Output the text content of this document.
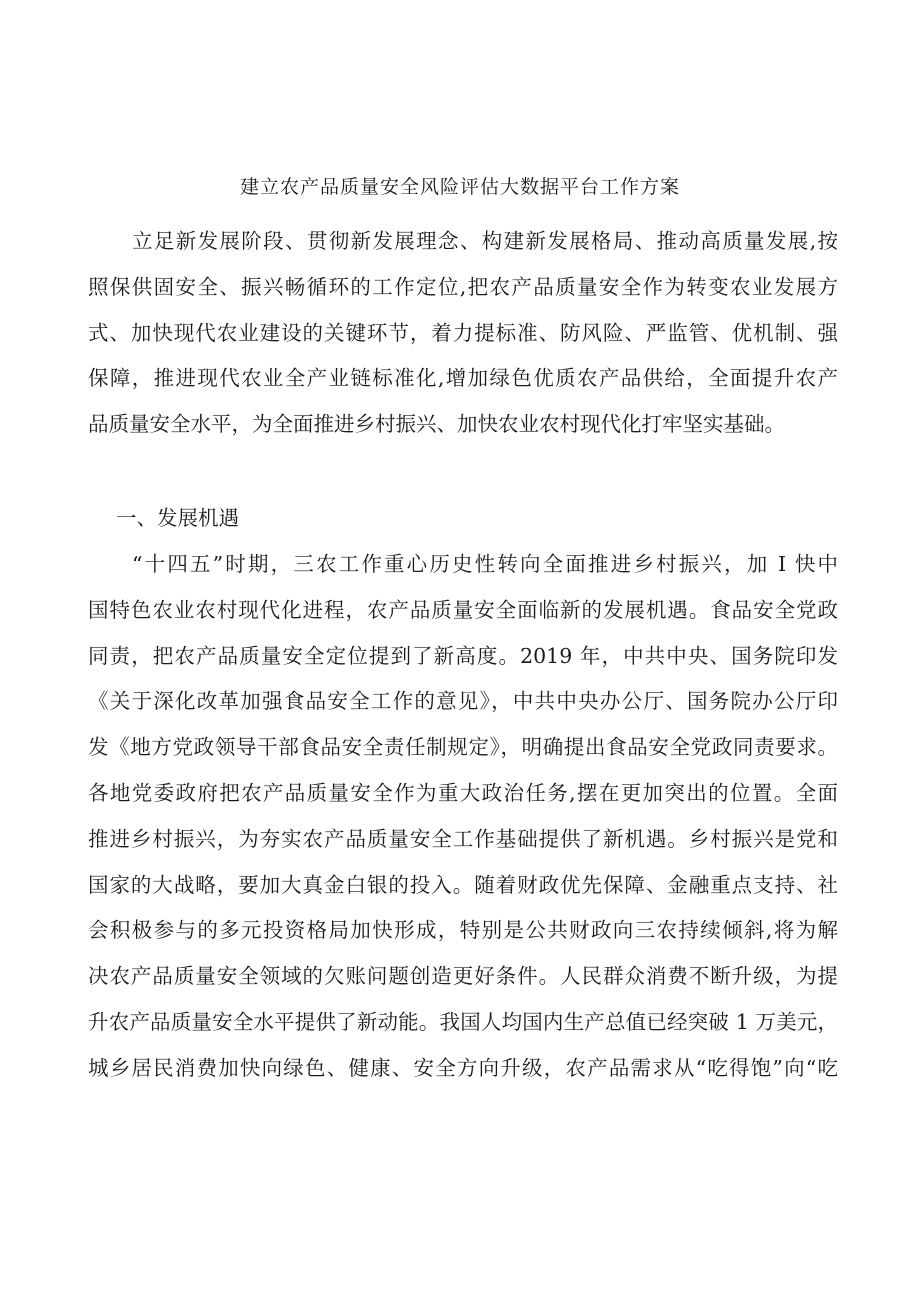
建立农产品质量安全风险评估大数据平台工作方案
立足新发展阶段、贯彻新发展理念、构建新发展格局、推动高质量发展,按
照保供固安全、振兴畅循环的工作定位,把农产品质量安全作为转变农业发展方
式、加快现代农业建设的关键环节，着力提标准、防风险、严监管、优机制、强
保障，推进现代农业全产业链标准化,增加绿色优质农产品供给，全面提升农产
品质量安全水平，为全面推进乡村振兴、加快农业农村现代化打牢坚实基础。
一、发展机遇
“十四五”时期，三农工作重心历史性转向全面推进乡村振兴，加 I 快中
国特色农业农村现代化进程，农产品质量安全面临新的发展机遇。食品安全党政
同责，把农产品质量安全定位提到了新高度。2019 年，中共中央、国务院印发
《关于深化改革加强食品安全工作的意见》，中共中央办公厅、国务院办公厅印
发《地方党政领导干部食品安全责任制规定》，明确提出食品安全党政同责要求。
各地党委政府把农产品质量安全作为重大政治任务,摆在更加突出的位置。全面
推进乡村振兴，为夯实农产品质量安全工作基础提供了新机遇。乡村振兴是党和
国家的大战略，要加大真金白银的投入。随着财政优先保障、金融重点支持、社
会积极参与的多元投资格局加快形成，特别是公共财政向三农持续倾斜,将为解
决农产品质量安全领域的欠账问题创造更好条件。人民群众消费不断升级，为提
升农产品质量安全水平提供了新动能。我国人均国内生产总值已经突破 1 万美元，
城乡居民消费加快向绿色、健康、安全方向升级，农产品需求从“吃得饱”向“吃
